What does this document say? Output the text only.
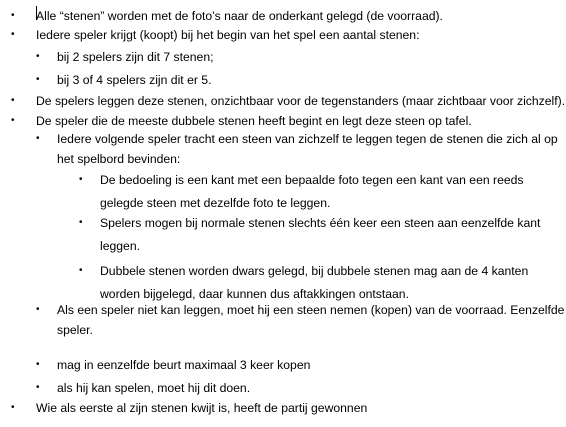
• Alle “stenen” worden met de foto’s naar de onderkant gelegd (de voorraad).
• Iedere speler krijgt (koopt) bij het begin van het spel een aantal stenen:
• bij 2 spelers zijn dit 7 stenen;
• bij 3 of 4 spelers zijn dit er 5.
• De spelers leggen deze stenen, onzichtbaar voor de tegenstanders (maar zichtbaar voor zichzelf).
• De speler die de meeste dubbele stenen heeft begint en legt deze steen op tafel.
• Iedere volgende speler tracht een steen van zichzelf te leggen tegen de stenen die zich al op
het spelbord bevinden:
• De bedoeling is een kant met een bepaalde foto tegen een kant van een reeds
gelegde steen met dezelfde foto te leggen.
• Spelers mogen bij normale stenen slechts één keer een steen aan eenzelfde kant
leggen.
• Dubbele stenen worden dwars gelegd, bij dubbele stenen mag aan de 4 kanten
worden bijgelegd, daar kunnen dus aftakkingen ontstaan.
• Als een speler niet kan leggen, moet hij een steen nemen (kopen) van de voorraad. Eenzelfde
speler.
• mag in eenzelfde beurt maximaal 3 keer kopen
• als hij kan spelen, moet hij dit doen.
• Wie als eerste al zijn stenen kwijt is, heeft de partij gewonnen
